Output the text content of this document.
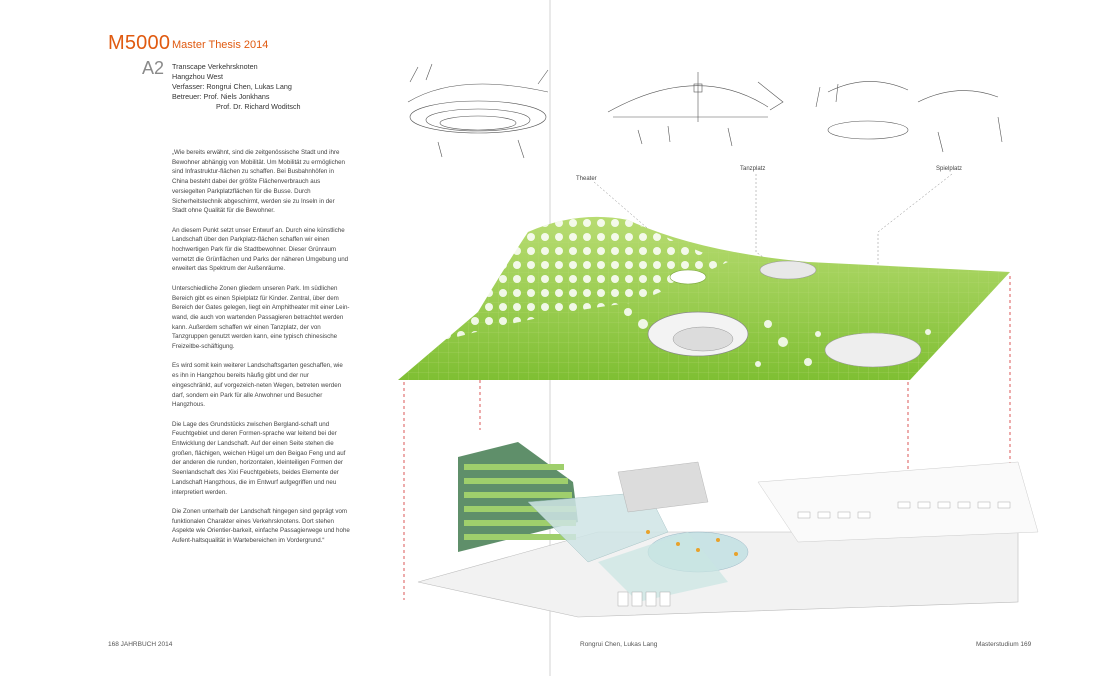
M5000 Master Thesis 2014
A2 Transcape Verkehrsknoten
Hangzhou West
Verfasser: Rongrui Chen, Lukas Lang
Betreuer: Prof. Niels Jonkhans
Prof. Dr. Richard Woditsch

„Wie bereits erwähnt, sind die zeitgenössische Stadt und ihre Bewohner abhängig von Mobilität. Um Mobilität zu ermöglichen sind Infrastruktur-flächen zu schaffen. Bei Busbahnhöfen in China besteht dabei der größte Flächenverbrauch aus versiegelten Parkplatzflächen für die Busse. Durch Sicherheitstechnik abgeschirmt, werden sie zu Inseln in der Stadt ohne Qualität für die Bewohner.

An diesem Punkt setzt unser Entwurf an. Durch eine künstliche Landschaft über den Parkplatz-flächen schaffen wir einen hochwertigen Park für die Stadtbewohner. Dieser Grünraum vernetzt die Grünflächen und Parks der näheren Umgebung und erweitert das Spektrum der Außenräume.

Unterschiedliche Zonen gliedern unseren Park. Im südlichen Bereich gibt es einen Spielplatz für Kinder. Zentral, über dem Bereich der Gates gelegen, liegt ein Amphitheater mit einer Lein-wand, die auch von wartenden Passagieren betrachtet werden kann. Außerdem schaffen wir einen Tanzplatz, der von Tanzgruppen genutzt werden kann, eine typisch chinesische Freizeitbe-schäftigung.

Es wird somit kein weiterer Landschaftsgarten geschaffen, wie es ihn in Hangzhou bereits häufig gibt und der nur eingeschränkt, auf vorgezeich-neten Wegen, betreten werden darf, sondern ein Park für alle Anwohner und Besucher Hangzhous.

Die Lage des Grundstücks zwischen Bergland-schaft und Feuchtgebiet und deren Formen-sprache war leitend bei der Entwicklung der Landschaft. Auf der einen Seite stehen die großen, flächigen, weichen Hügel um den Beigao Feng und auf der anderen die runden, horizontalen, kleinteiligen Formen der Seenlandschaft des Xixi Feuchtgebiets, beides Elemente der Landschaft Hangzhous, die im Entwurf aufgegriffen und neu interpretiert werden.

Die Zonen unterhalb der Landschaft hingegen sind geprägt vom funktionalen Charakter eines Verkehrsknotens. Dort stehen Aspekte wie Orientier-barkeit, einfache Passagierwege und hohe Aufent-haltsqualität in Wartebereichen im Vordergrund.“

Theater
Tanzplatz	Spielplatz
168 JAHRBUCH 2014	Rongrui Chen, Lukas Lang	Masterstudium 169
